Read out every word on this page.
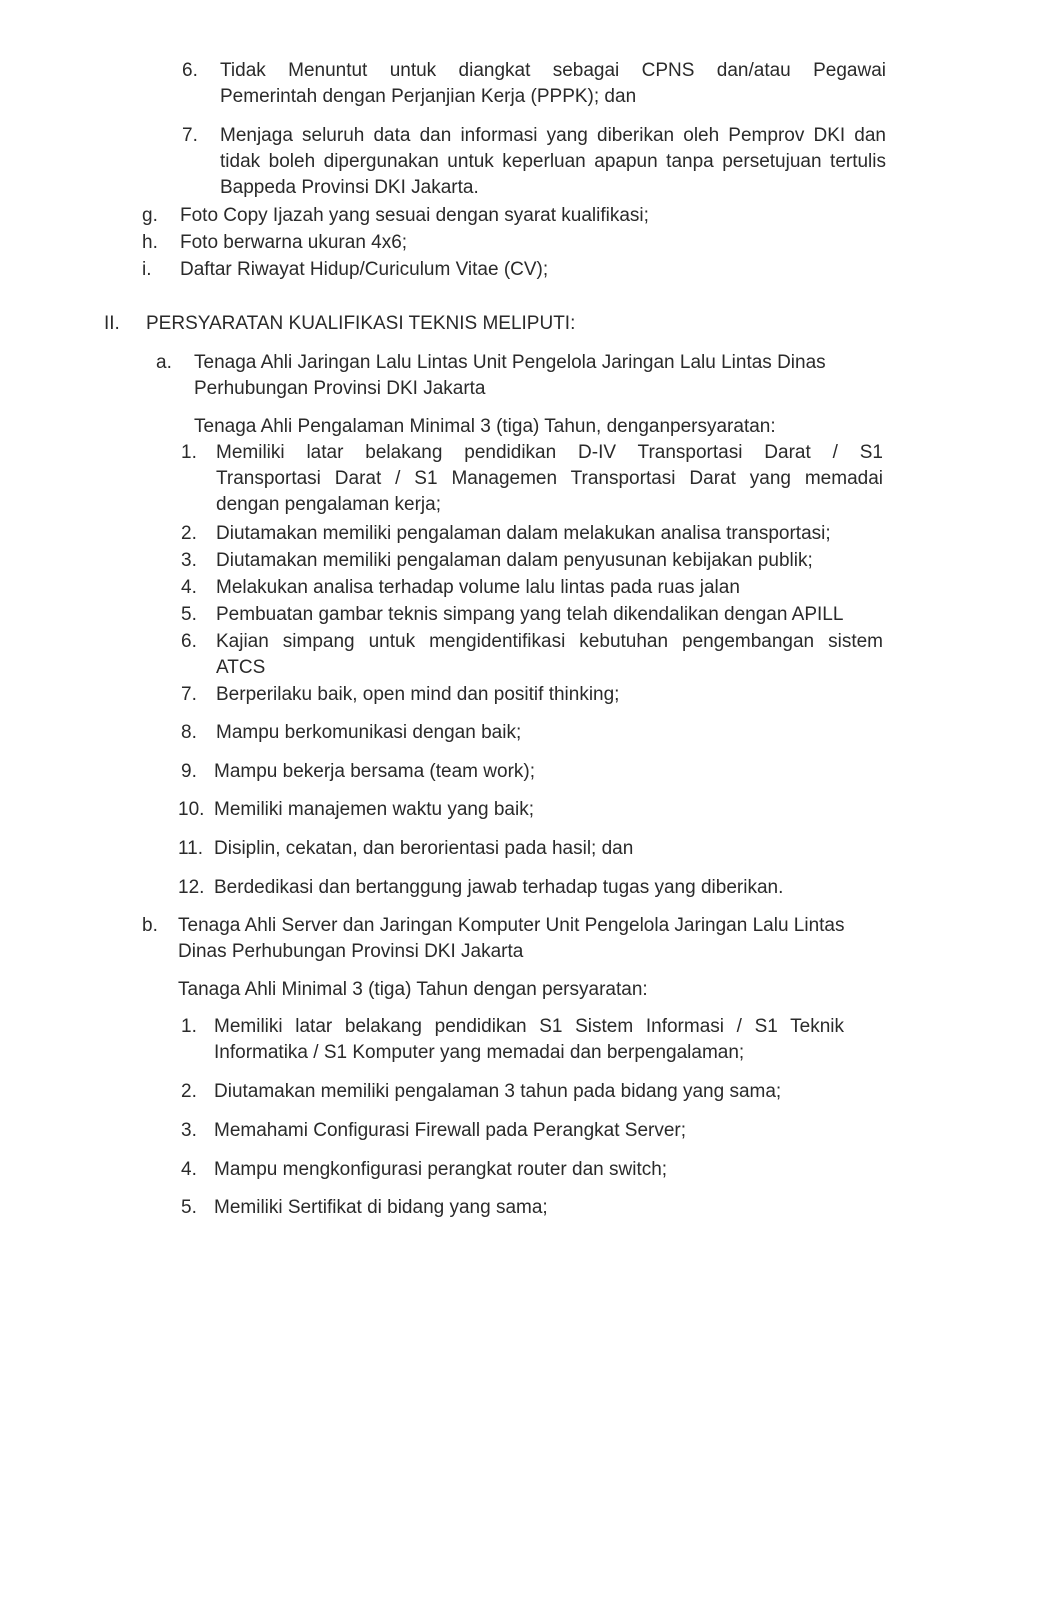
6. Tidak Menuntut untuk diangkat sebagai CPNS dan/atau Pegawai
Pemerintah dengan Perjanjian Kerja (PPPK); dan
7. Menjaga seluruh data dan informasi yang diberikan oleh Pemprov DKI dan
tidak boleh dipergunakan untuk keperluan apapun tanpa persetujuan tertulis
Bappeda Provinsi DKI Jakarta.
g. Foto Copy Ijazah yang sesuai dengan syarat kualifikasi;
h. Foto berwarna ukuran 4x6;
i. Daftar Riwayat Hidup/Curiculum Vitae (CV);
II. PERSYARATAN KUALIFIKASI TEKNIS MELIPUTI:
a. Tenaga Ahli Jaringan Lalu Lintas Unit Pengelola Jaringan Lalu Lintas Dinas
Perhubungan Provinsi DKI Jakarta
Tenaga Ahli Pengalaman Minimal 3 (tiga) Tahun, denganpersyaratan:
1. Memiliki latar belakang pendidikan D-IV Transportasi Darat / S1
Transportasi Darat / S1 Managemen Transportasi Darat yang memadai
dengan pengalaman kerja;
2. Diutamakan memiliki pengalaman dalam melakukan analisa transportasi;
3. Diutamakan memiliki pengalaman dalam penyusunan kebijakan publik;
4. Melakukan analisa terhadap volume lalu lintas pada ruas jalan
5. Pembuatan gambar teknis simpang yang telah dikendalikan dengan APILL
6. Kajian simpang untuk mengidentifikasi kebutuhan pengembangan sistem
ATCS
7. Berperilaku baik, open mind dan positif thinking;
8. Mampu berkomunikasi dengan baik;
9. Mampu bekerja bersama (team work);
10. Memiliki manajemen waktu yang baik;
11. Disiplin, cekatan, dan berorientasi pada hasil; dan
12. Berdedikasi dan bertanggung jawab terhadap tugas yang diberikan.
b. Tenaga Ahli Server dan Jaringan Komputer Unit Pengelola Jaringan Lalu Lintas
Dinas Perhubungan Provinsi DKI Jakarta
Tanaga Ahli Minimal 3 (tiga) Tahun dengan persyaratan:
1. Memiliki latar belakang pendidikan S1 Sistem Informasi / S1 Teknik
Informatika / S1 Komputer yang memadai dan berpengalaman;
2. Diutamakan memiliki pengalaman 3 tahun pada bidang yang sama;
3. Memahami Configurasi Firewall pada Perangkat Server;
4. Mampu mengkonfigurasi perangkat router dan switch;
5. Memiliki Sertifikat di bidang yang sama;
